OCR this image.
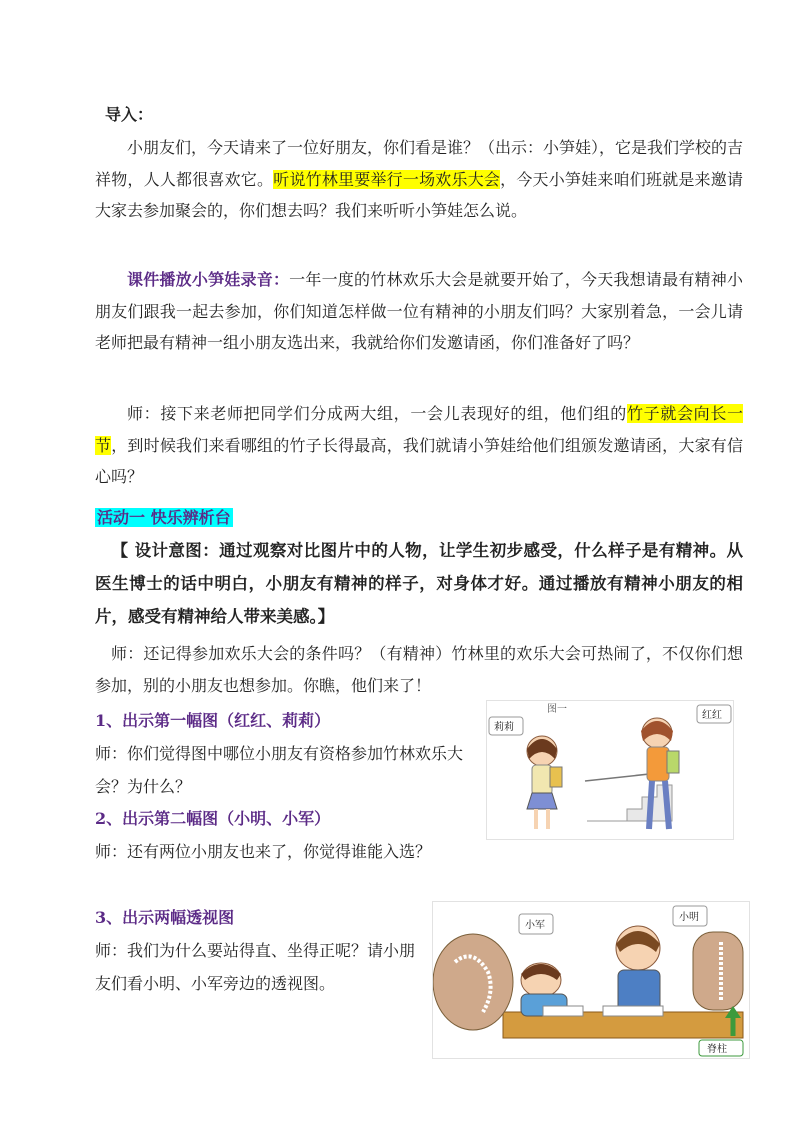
导入：

小朋友们，今天请来了一位好朋友，你们看是谁？（出示：小笋娃），它是我们学校的吉祥物，人人都很喜欢它。听说竹林里要举行一场欢乐大会，今天小笋娃来咱们班就是来邀请大家去参加聚会的，你们想去吗？我们来听听小笋娃怎么说。

课件播放小笋娃录音：一年一度的竹林欢乐大会是就要开始了，今天我想请最有精神小朋友们跟我一起去参加，你们知道怎样做一位有精神的小朋友们吗？大家别着急，一会儿请老师把最有精神一组小朋友选出来，我就给你们发邀请函，你们准备好了吗？

师：接下来老师把同学们分成两大组，一会儿表现好的组，他们组的竹子就会向长一节，到时候我们来看哪组的竹子长得最高，我们就请小笋娃给他们组颁发邀请函，大家有信心吗？

活动一 快乐辨析台

【 设计意图：通过观察对比图片中的人物，让学生初步感受，什么样子是有精神。从医生博士的话中明白，小朋友有精神的样子，对身体才好。通过播放有精神小朋友的相片，感受有精神给人带来美感。】

师：还记得参加欢乐大会的条件吗？（有精神）竹林里的欢乐大会可热闹了，不仅你们想参加，别的小朋友也想参加。你瞧，他们来了！

1、出示第一幅图（红红、莉莉）

师：你们觉得图中哪位小朋友有资格参加竹林欢乐大会？为什么？

2、出示第二幅图（小明、小军）

师：还有两位小朋友也来了，你觉得谁能入选？

3、出示两幅透视图

师：我们为什么要站得直、坐得正呢？请小朋友们看小明、小军旁边的透视图。

图一
莉莉
红红
小军
小明
脊柱
